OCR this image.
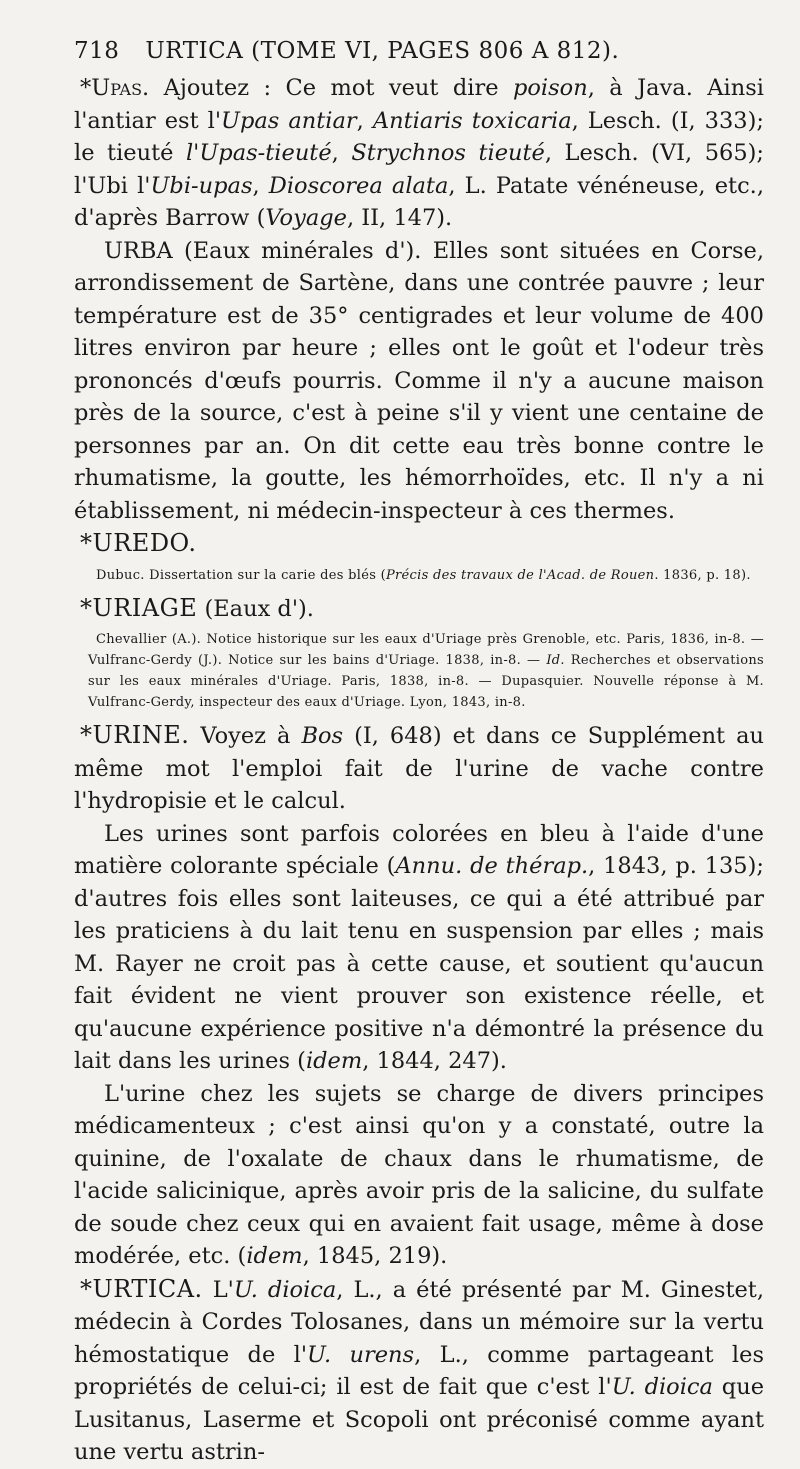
718 URTICA (TOME VI, PAGES 806 A 812).

*Upas. Ajoutez : Ce mot veut dire poison, à Java. Ainsi l'antiar est l'Upas antiar, Antiaris toxicaria, Lesch. (I, 333); le tieuté l'Upas-tieuté, Strychnos tieuté, Lesch. (VI, 565); l'Ubi l'Ubi-upas, Dioscorea alata, L. Patate vénéneuse, etc., d'après Barrow (Voyage, II, 147).

URBA (Eaux minérales d'). Elles sont situées en Corse, arrondissement de Sartène, dans une contrée pauvre ; leur température est de 35° centigrades et leur volume de 400 litres environ par heure ; elles ont le goût et l'odeur très prononcés d'œufs pourris. Comme il n'y a aucune maison près de la source, c'est à peine s'il y vient une centaine de personnes par an. On dit cette eau très bonne contre le rhumatisme, la goutte, les hémorrhoïdes, etc. Il n'y a ni établissement, ni médecin-inspecteur à ces thermes.

*UREDO.

Dubuc. Dissertation sur la carie des blés (Précis des travaux de l'Acad. de Rouen. 1836, p. 18).

*URIAGE (Eaux d').

Chevallier (A.). Notice historique sur les eaux d'Uriage près Grenoble, etc. Paris, 1836, in-8. — Vulfranc-Gerdy (J.). Notice sur les bains d'Uriage. 1838, in-8. — Id. Recherches et observations sur les eaux minérales d'Uriage. Paris, 1838, in-8. — Dupasquier. Nouvelle réponse à M. Vulfranc-Gerdy, inspecteur des eaux d'Uriage. Lyon, 1843, in-8.

*URINE. Voyez à Bos (I, 648) et dans ce Supplément au même mot l'emploi fait de l'urine de vache contre l'hydropisie et le calcul.

Les urines sont parfois colorées en bleu à l'aide d'une matière colorante spéciale (Annu. de thérap., 1843, p. 135); d'autres fois elles sont laiteuses, ce qui a été attribué par les praticiens à du lait tenu en suspension par elles ; mais M. Rayer ne croit pas à cette cause, et soutient qu'aucun fait évident ne vient prouver son existence réelle, et qu'aucune expérience positive n'a démontré la présence du lait dans les urines (idem, 1844, 247).

L'urine chez les sujets se charge de divers principes médicamenteux ; c'est ainsi qu'on y a constaté, outre la quinine, de l'oxalate de chaux dans le rhumatisme, de l'acide salicinique, après avoir pris de la salicine, du sulfate de soude chez ceux qui en avaient fait usage, même à dose modérée, etc. (idem, 1845, 219).

*URTICA. L'U. dioica, L., a été présenté par M. Ginestet, médecin à Cordes Tolosanes, dans un mémoire sur la vertu hémostatique de l'U. urens, L., comme partageant les propriétés de celui-ci; il est de fait que c'est l'U. dioica que Lusitanus, Laserme et Scopoli ont préconisé comme ayant une vertu astrin-
